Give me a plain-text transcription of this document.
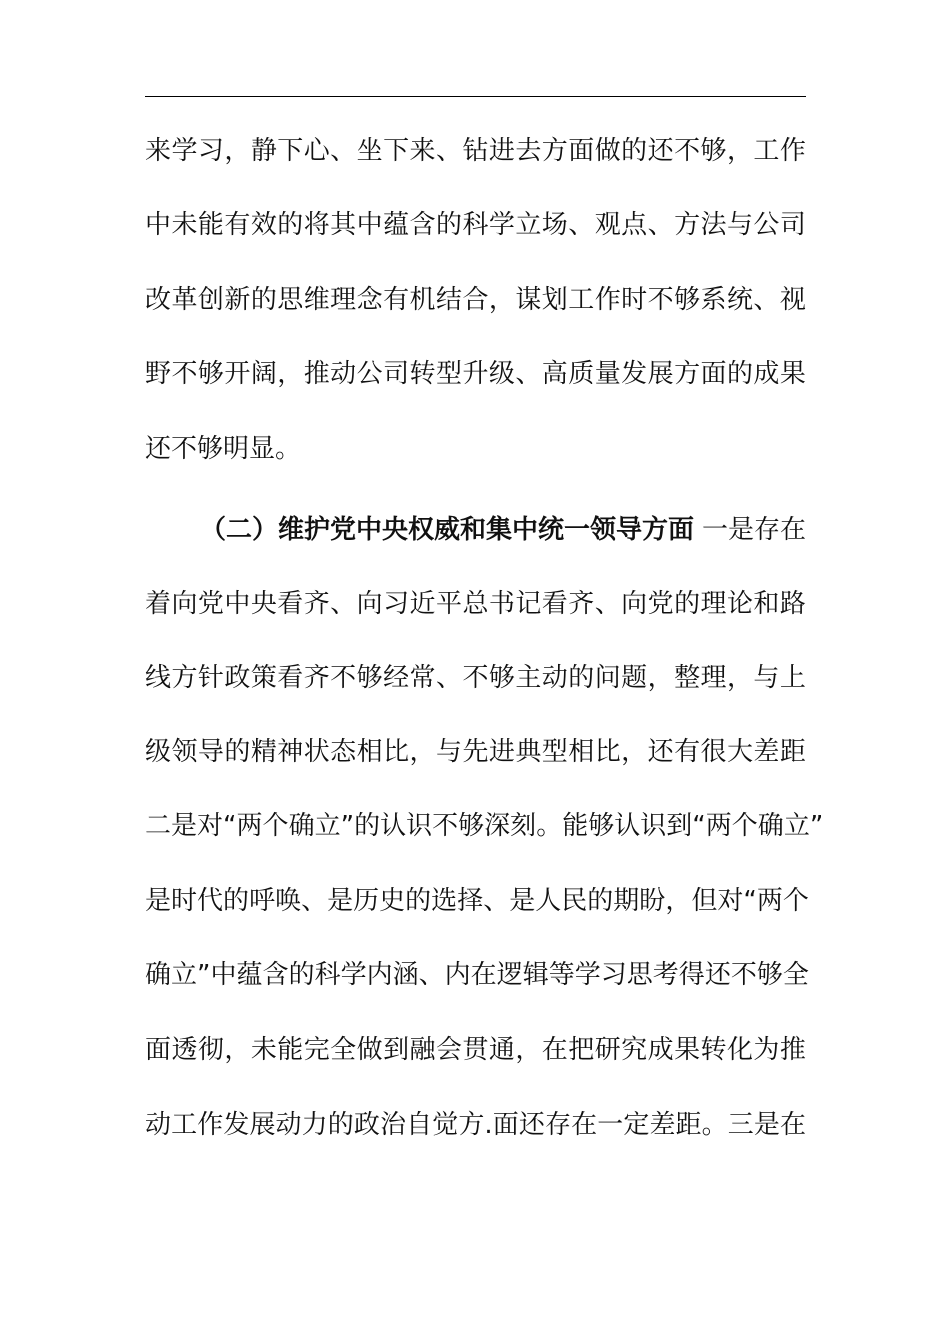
来 学 习 ， 静 下 心 、 坐 下 来 、 钻 进 去 方 面 做 的 还 不 够 ， 工 作
中 未 能 有 效 的 将 其 中 蕴 含 的 科 学 立 场 、 观 点 、 方 法 与 公 司
改 革 创 新 的 思 维 理 念 有 机 结 合 ， 谋 划 工 作 时 不 够 系 统 、 视
野 不 够 开 阔 ， 推 动 公 司 转 型 升 级 、 高 质 量 发 展 方 面 的 成 果
还不够明显。
（二）维护党中央权威和集中统一领导方面 一是存在
着 向 党 中 央 看 齐 、 向 习 近 平 总 书 记 看 齐 、 向 党 的 理 论 和 路
线 方 针 政 策 看 齐 不 够 经 常 、 不 够 主 动 的 问 题 ， 整 理 ， 与 上
级 领 导 的 精 神 状 态 相 比 ， 与 先 进 典 型 相 比 ， 还 有 很 大 差 距
二 是 对 “ 两 个 确 立 ” 的 认 识 不 够 深 刻 。 能 够 认 识 到 “ 两 个 确 立 ”
是 时 代 的 呼 唤 、 是 历 史 的 选 择 、 是 人 民 的 期 盼 ， 但 对 “ 两 个
确 立 ” 中 蕴 含 的 科 学 内 涵 、 内 在 逻 辑 等 学 习 思 考 得 还 不 够 全
面 透 彻 ， 未 能 完 全 做 到 融 会 贯 通 ， 在 把 研 究 成 果 转 化 为 推
动 工 作 发 展 动 力 的 政 治 自 觉 方 . 面 还 存 在 一 定 差 距 。 三 是 在
